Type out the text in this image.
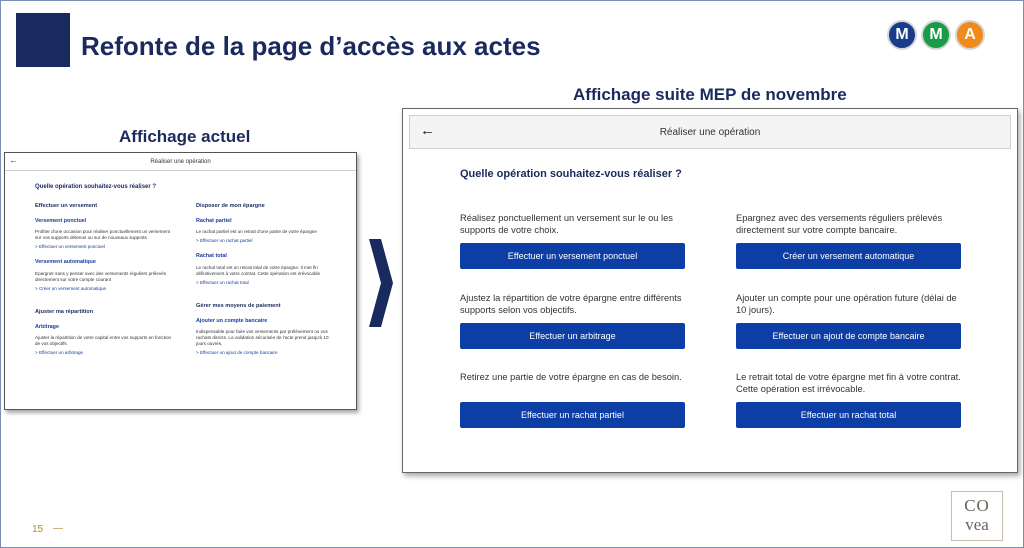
Refonte de la page d’accès aux actes	M	M	A
Affichage actuel
Affichage suite MEP de novembre
←	Réaliser une opération
Quelle opération souhaitez-vous réaliser ?
Effectuer un versement
Versement ponctuel
Profiter d'une occasion pour réaliser ponctuellement un versement sur vos supports détenus ou sur de nouveaux supports
> Effectuer un versement ponctuel
Versement automatique
Epargner sans y penser avec des versements réguliers prélevés directement sur votre compte courant
> Créer un versement automatique
Ajuster ma répartition
Arbitrage
Ajuster la répartition de votre capital entre vos supports en fonction de vos objectifs
> Effectuer un arbitrage
Disposer de mon épargne
Rachat partiel
Le rachat partiel est un retrait d'une partie de votre épargne
> Effectuer un rachat partiel
Rachat total
Le rachat total est un retrait total de votre épargne. Il met fin définitivement à votre contrat. Cette opération est irrévocable
> Effectuer un rachat total
Gérer mes moyens de paiement
Ajouter un compte bancaire
Indispensable pour faire vos versements par prélèvement ou vos rachats directs. La validation sécurisée de l'acte prend jusqu'à 10 jours ouvrés.
> Effectuer un ajout de compte bancaire
←	Réaliser une opération
Quelle opération souhaitez-vous réaliser ?
Réalisez ponctuellement un versement sur le ou les supports de votre choix.
Effectuer un versement ponctuel
Epargnez avec des versements réguliers prélevés directement sur votre compte bancaire.
Créer un versement automatique
Ajustez la répartition de votre épargne entre différents supports selon vos objectifs.
Effectuer un arbitrage
Ajouter un compte pour une opération future (délai de 10 jours).
Effectuer un ajout de compte bancaire
Retirez une partie de votre épargne en cas de besoin.
Effectuer un rachat partiel
Le retrait total de votre épargne met fin à votre contrat. Cette opération est irrévocable.
Effectuer un rachat total
15 —
CO
vea
